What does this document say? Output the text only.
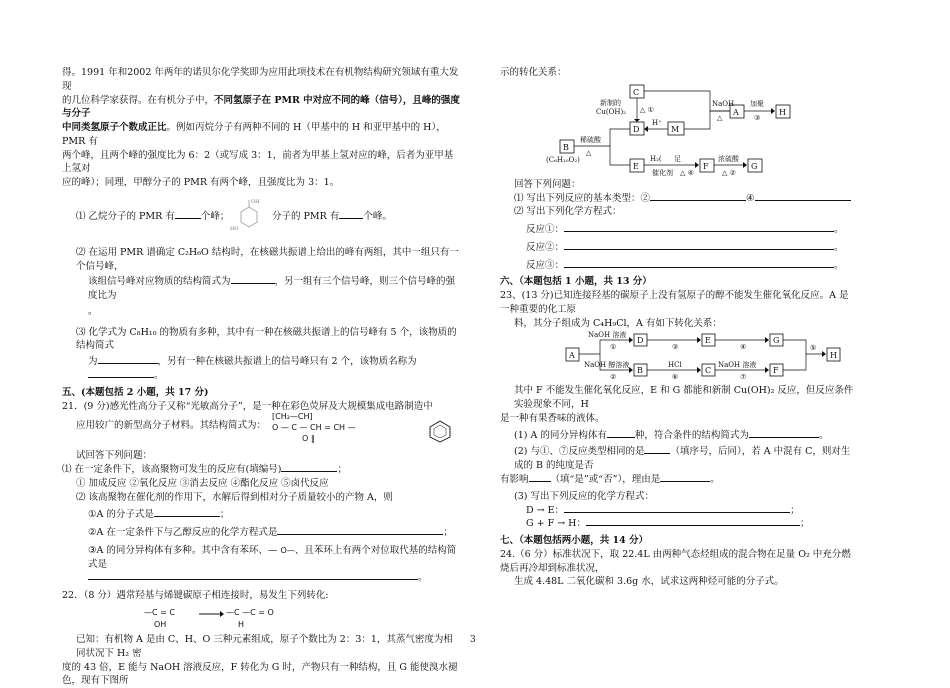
得。1991 年和2002 年两年的诺贝尔化学奖即为应用此项技术在有机物结构研究领域有重大发现

的几位科学家获得。在有机分子中，不同氢原子在 PMR 中对应不同的峰（信号），且峰的强度与分子

中同类氢原子个数成正比。例如丙烷分子有两种不同的 H（甲基中的 H 和亚甲基中的 H），PMR 有

两个峰，且两个峰的强度比为 6：2（或写成 3：1，前者为甲基上氢对应的峰，后者为亚甲基上氢对

应的峰）；同理，甲醇分子的 PMR 有两个峰，且强度比为 3：1。

⑴ 乙烷分子的 PMR 有	个峰；

OH
HO

分子的 PMR 有	个峰。

⑵ 在运用 PMR 谱确定 C₂H₆O 结构时，在核磁共振谱上给出的峰有两组，其中一组只有一个信号峰，

该组信号峰对应物质的结构简式为	，另一组有三个信号峰，则三个信号峰的强度比为

。

⑶ 化学式为 C₈H₁₀ 的物质有多种，其中有一种在核磁共振谱上的信号峰有 5 个，该物质的结构简式

为	，另有一种在核磁共振谱上的信号峰只有 2 个，该物质名称为。

五、(本题包括 2 小题，共 17 分)

21．(9 分)感光性高分子又称“光敏高分子”，是一种在彩色荧屏及大规模集成电路制造中

应用较广的新型高分子材料。其结构简式为：

[CH₂—CH]
O — C — CH = CH —
O ‖

试回答下列问题：

⑴ 在一定条件下，该高聚物可发生的反应有(填编号)	；

① 加成反应 ②氧化反应 ③消去反应 ④酯化反应 ⑤卤代反应

⑵ 该高聚物在催化剂的作用下，水解后得到相对分子质量较小的产物 A，则

①A 的分子式是	；

②A 在一定条件下与乙醇反应的化学方程式是	；

③A 的同分异构体有多种。其中含有苯环、— O—、且苯环上有两个对位取代基的结构简式是

。

22．（8 分）遇常羟基与烯键碳原子相连接时，易发生下列转化:

—C = C
OH
—C —C = O
H

已知：有机物 A 是由 C、H、O 三种元素组成，原子个数比为 2：3：1，其蒸气密度为相同状况下 H₂ 密

度的 43 倍，E 能与 NaOH 溶液反应，F 转化为 G 时，产物只有一种结构，且 G 能使溴水褪色，现有下图所

示的转化关系：

C
D	M
A	H
B
E	F	G
新制的
Cu(OH)₂ △ ①
H⁺
NaOH
△
加聚
③
(C₆H₁₀O₂)
稀硫酸
△
H₂( 足
催化剂 △ ④
浓硫酸
△ ②

回答下列问题：

⑴ 写出下列反应的基本类型：②	④

⑵ 写出下列化学方程式：

反应①：	。

反应②：	。

反应③：	。

六、（本题包括 1 小题，共 13 分）

23、(13 分)已知连接羟基的碳原子上没有氢原子的醇不能发生催化氧化反应。A 是一种重要的化工原

料，其分子组成为 C₄H₉Cl，A 有如下转化关系：

A
D	E	G
H
B	C	F
NaOH 溶液
①	③	④	⑤
NaOH 醇溶液
②
HCl
⑥
NaOH 溶液
⑦

其中 F 不能发生催化氧化反应，E 和 G 都能和新制 Cu(OH)₂ 反应，但反应条件实验现象不同，H

是一种有果香味的液体。

(1) A 的同分异构体有	种，符合条件的结构简式为	。

(2) 与①、⑦反应类型相同的是	（填序号，后同），若 A 中混有 C，则对生成的 B 的纯度是否

有影响 （填“是”或“否”），理由是	。

(3) 写出下列反应的化学方程式：

D → E：	；

G + F → H：	；

七、（本题包括两小题，共 14 分）

24.（6 分）标准状况下，取 22.4L 由两种气态烃组成的混合物在足量 O₂ 中充分燃烧后再冷却到标准状况，

生成 4.48L 二氧化碳和 3.6g 水，试求这两种烃可能的分子式。

3
